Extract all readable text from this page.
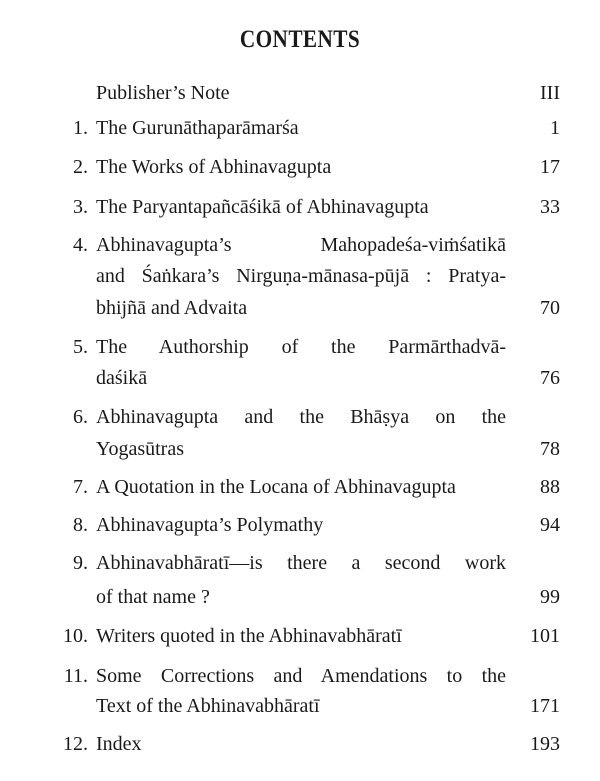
CONTENTS
Publisher’s Note	III
1. The Gurunāthaparāmarśa	1
2. The Works of Abhinavagupta	17
3. The Paryantapañcāśikā of Abhinavagupta	33
4. Abhinavagupta’s Mahopadeśa-viṁśatikā
and Śaṅkara’s Nirguṇa-mānasa-pūjā : Pratya-
bhijñā and Advaita	70
5. The Authorship of the Parmārthadvā-
daśikā	76
6. Abhinavagupta and the Bhāṣya on the
Yogasūtras	78
7. A Quotation in the Locana of Abhinavagupta	88
8. Abhinavagupta’s Polymathy	94
9. Abhinavabhāratī—is there a second work
of that name ?	99
10. Writers quoted in the Abhinavabhāratī	101
11. Some Corrections and Amendations to the
Text of the Abhinavabhāratī	171
12. Index	193
